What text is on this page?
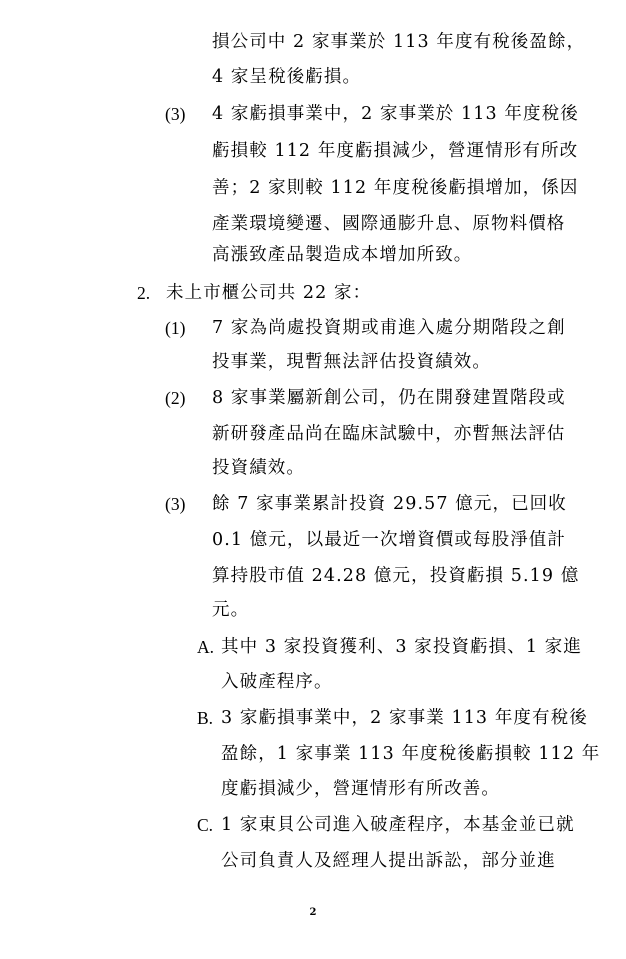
損公司中 2 家事業於 113 年度有稅後盈餘，
4 家呈稅後虧損。
(3) 4 家虧損事業中，2 家事業於 113 年度稅後
虧損較 112 年度虧損減少，營運情形有所改
善；2 家則較 112 年度稅後虧損增加，係因
產業環境變遷、國際通膨升息、原物料價格
高漲致產品製造成本增加所致。
2. 未上市櫃公司共 22 家：
(1) 7 家為尚處投資期或甫進入處分期階段之創
投事業，現暫無法評估投資績效。
(2) 8 家事業屬新創公司，仍在開發建置階段或
新研發產品尚在臨床試驗中，亦暫無法評估
投資績效。
(3) 餘 7 家事業累計投資 29.57 億元，已回收
0.1 億元，以最近一次增資價或每股淨值計
算持股市值 24.28 億元，投資虧損 5.19 億
元。
A. 其中 3 家投資獲利、3 家投資虧損、1 家進
入破產程序。
B. 3 家虧損事業中，2 家事業 113 年度有稅後
盈餘，1 家事業 113 年度稅後虧損較 112 年
度虧損減少，營運情形有所改善。
C. 1 家東貝公司進入破產程序，本基金並已就
公司負責人及經理人提出訴訟，部分並進
2
